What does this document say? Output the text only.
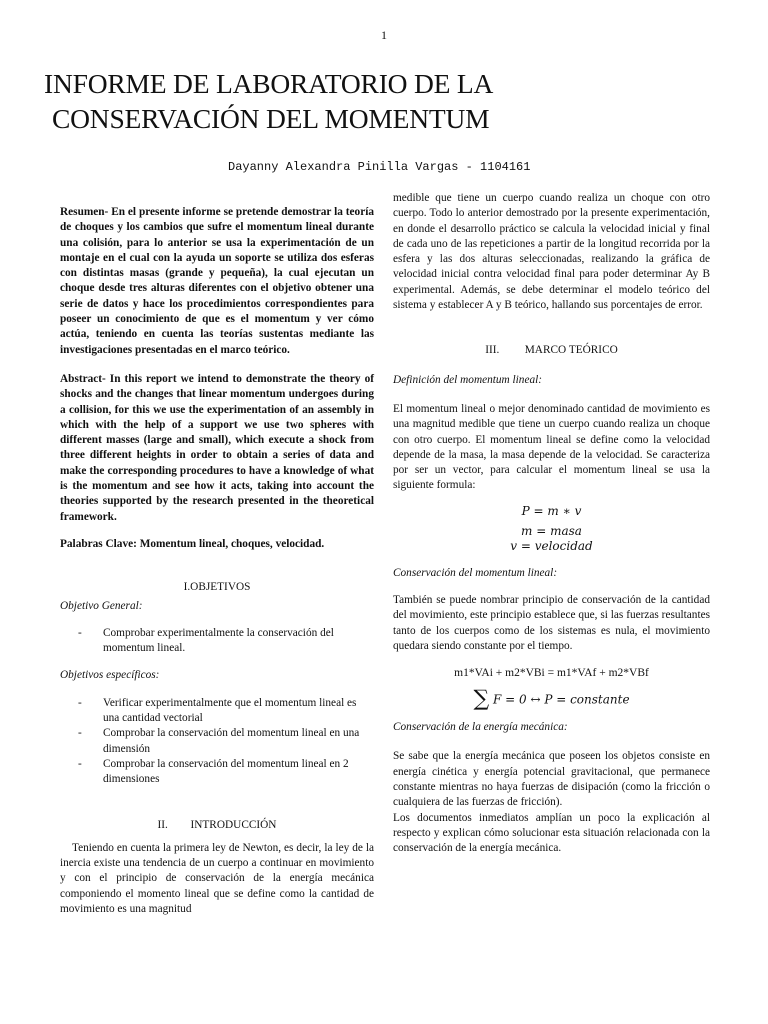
1
INFORME DE LABORATORIO DE LA
CONSERVACIÓN DEL MOMENTUM
Dayanny Alexandra Pinilla Vargas - 1104161

Resumen- En el presente informe se pretende demostrar la teoría de choques y los cambios que sufre el momentum lineal durante una colisión, para lo anterior se usa la experimentación de un montaje en el cual con la ayuda un soporte se utiliza dos esferas con distintas masas (grande y pequeña), la cual ejecutan un choque desde tres alturas diferentes con el objetivo obtener una serie de datos y hace los procedimientos correspondientes para poseer un conocimiento de que es el momentum y ver cómo actúa, teniendo en cuenta las teorías sustentas mediante las investigaciones presentadas en el marco teórico.

Abstract- In this report we intend to demonstrate the theory of shocks and the changes that linear momentum undergoes during a collision, for this we use the experimentation of an assembly in which with the help of a support we use two spheres with different masses (large and small), which execute a shock from three different heights in order to obtain a series of data and make the corresponding procedures to have a knowledge of what is the momentum and see how it acts, taking into account the theories supported by the research presented in the theoretical framework.

Palabras Clave: Momentum lineal, choques, velocidad.

I.OBJETIVOS

Objetivo General:

- Comprobar experimentalmente la conservación del momentum lineal.

Objetivos específicos:

- Verificar experimentalmente que el momentum lineal es una cantidad vectorial
- Comprobar la conservación del momentum lineal en una dimensión
- Comprobar la conservación del momentum lineal en 2 dimensiones

II. INTRODUCCIÓN

Teniendo en cuenta la primera ley de Newton, es decir, la ley de la inercia existe una tendencia de un cuerpo a continuar en movimiento y con el principio de conservación de la energía mecánica componiendo el momento lineal que se define como la cantidad de movimiento es una magnitud

medible que tiene un cuerpo cuando realiza un choque con otro cuerpo. Todo lo anterior demostrado por la presente experimentación, en donde el desarrollo práctico se calcula la velocidad inicial y final de cada uno de las repeticiones a partir de la longitud recorrida por la esfera y las dos alturas seleccionadas, realizando la gráfica de velocidad inicial contra velocidad final para poder determinar Ay B experimental. Además, se debe determinar el modelo teórico del sistema y establecer A y B teórico, hallando sus porcentajes de error.

III. MARCO TEÓRICO

Definición del momentum lineal:

El momentum lineal o mejor denominado cantidad de movimiento es una magnitud medible que tiene un cuerpo cuando realiza un choque con otro cuerpo. El momentum lineal se define como la velocidad depende de la masa, la masa depende de la velocidad. Se caracteriza por ser un vector, para calcular el momentum lineal se usa la siguiente formula:

P = m ∗ v
m = masa
v = velocidad

Conservación del momentum lineal:

También se puede nombrar principio de conservación de la cantidad del movimiento, este principio establece que, si las fuerzas resultantes tanto de los cuerpos como de los sistemas es nula, el movimiento quedara siendo constante por el tiempo.

m1*VAi + m2*VBi = m1*VAf + m2*VBf
∑ F = 0 ↔ P = constante

Conservación de la energía mecánica:

Se sabe que la energía mecánica que poseen los objetos consiste en energía cinética y energía potencial gravitacional, que permanece constante mientras no haya fuerzas de disipación (como la fricción o cualquiera de las fuerzas de fricción).

Los documentos inmediatos amplían un poco la explicación al respecto y explican cómo solucionar esta situación relacionada con la conservación de la energía mecánica.
